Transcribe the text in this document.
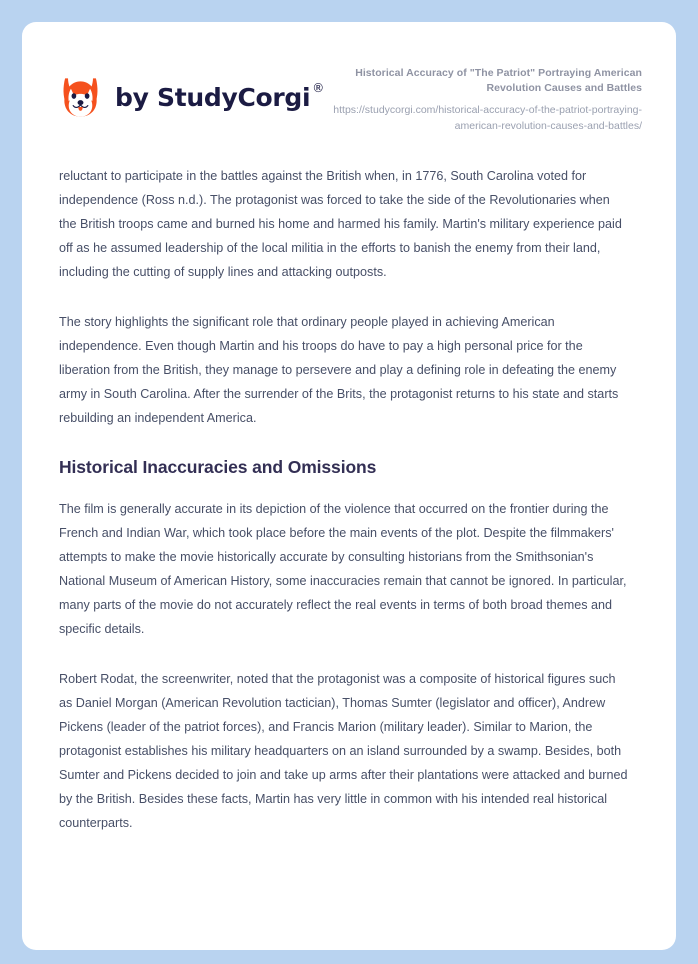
by StudyCorgi ®
Historical Accuracy of "The Patriot" Portraying American Revolution Causes and Battles
https://studycorgi.com/historical-accuracy-of-the-patriot-portraying-american-revolution-causes-and-battles/

reluctant to participate in the battles against the British when, in 1776, South Carolina voted for independence (Ross n.d.). The protagonist was forced to take the side of the Revolutionaries when the British troops came and burned his home and harmed his family. Martin's military experience paid off as he assumed leadership of the local militia in the efforts to banish the enemy from their land, including the cutting of supply lines and attacking outposts.

The story highlights the significant role that ordinary people played in achieving American independence. Even though Martin and his troops do have to pay a high personal price for the liberation from the British, they manage to persevere and play a defining role in defeating the enemy army in South Carolina. After the surrender of the Brits, the protagonist returns to his state and starts rebuilding an independent America.

Historical Inaccuracies and Omissions

The film is generally accurate in its depiction of the violence that occurred on the frontier during the French and Indian War, which took place before the main events of the plot. Despite the filmmakers' attempts to make the movie historically accurate by consulting historians from the Smithsonian's National Museum of American History, some inaccuracies remain that cannot be ignored. In particular, many parts of the movie do not accurately reflect the real events in terms of both broad themes and specific details.

Robert Rodat, the screenwriter, noted that the protagonist was a composite of historical figures such as Daniel Morgan (American Revolution tactician), Thomas Sumter (legislator and officer), Andrew Pickens (leader of the patriot forces), and Francis Marion (military leader). Similar to Marion, the protagonist establishes his military headquarters on an island surrounded by a swamp. Besides, both Sumter and Pickens decided to join and take up arms after their plantations were attacked and burned by the British. Besides these facts, Martin has very little in common with his intended real historical counterparts.
